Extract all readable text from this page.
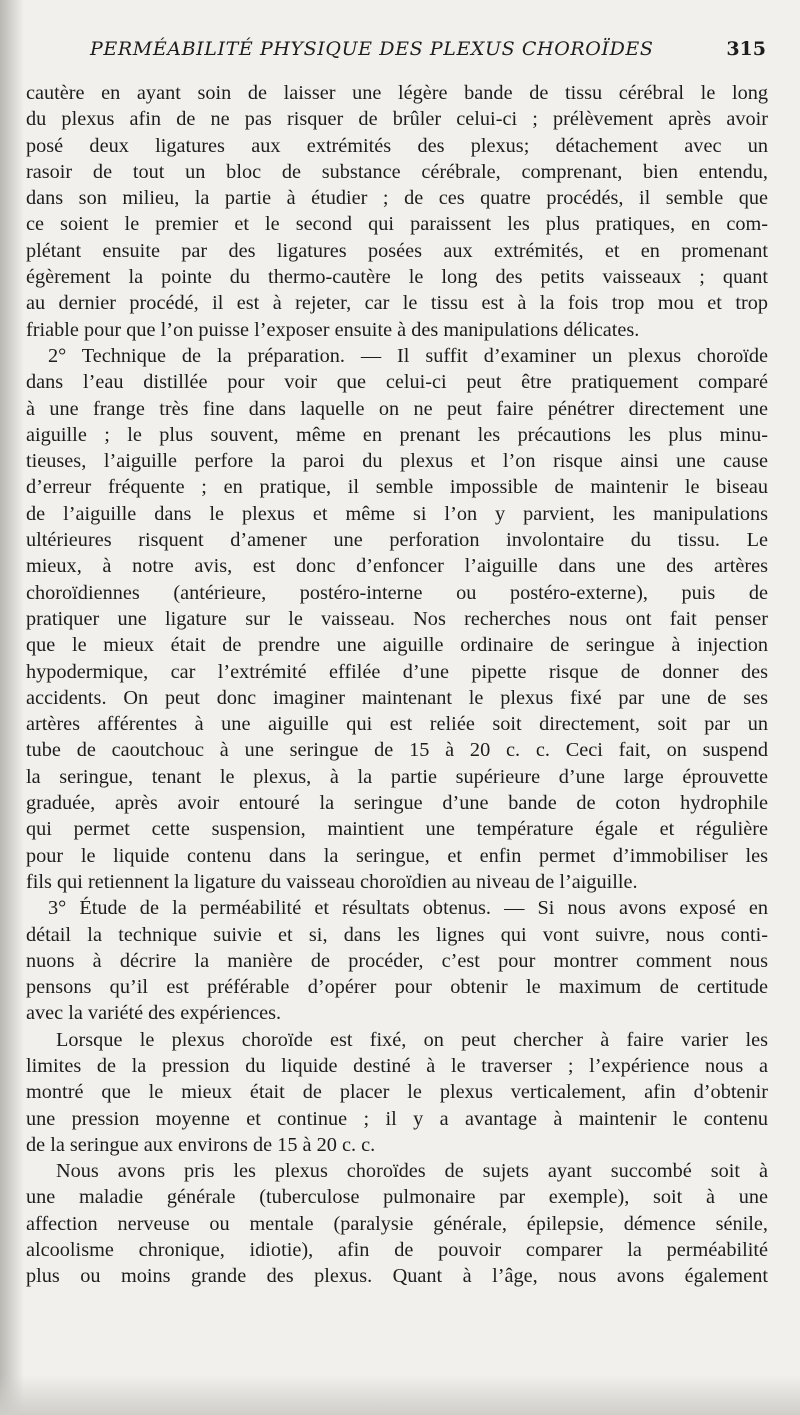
PERMÉABILITÉ PHYSIQUE DES PLEXUS CHOROÏDES	315
cautère en ayant soin de laisser une légère bande de tissu cérébral le long
du plexus afin de ne pas risquer de brûler celui-ci ; prélèvement après avoir
posé deux ligatures aux extrémités des plexus; détachement avec un
rasoir de tout un bloc de substance cérébrale, comprenant, bien entendu,
dans son milieu, la partie à étudier ; de ces quatre procédés, il semble que
ce soient le premier et le second qui paraissent les plus pratiques, en com-
plétant ensuite par des ligatures posées aux extrémités, et en promenant
égèrement la pointe du thermo-cautère le long des petits vaisseaux ; quant
au dernier procédé, il est à rejeter, car le tissu est à la fois trop mou et trop
friable pour que l’on puisse l’exposer ensuite à des manipulations délicates.
2° Technique de la préparation. — Il suffit d’examiner un plexus choroïde
dans l’eau distillée pour voir que celui-ci peut être pratiquement comparé
à une frange très fine dans laquelle on ne peut faire pénétrer directement une
aiguille ; le plus souvent, même en prenant les précautions les plus minu-
tieuses, l’aiguille perfore la paroi du plexus et l’on risque ainsi une cause
d’erreur fréquente ; en pratique, il semble impossible de maintenir le biseau
de l’aiguille dans le plexus et même si l’on y parvient, les manipulations
ultérieures risquent d’amener une perforation involontaire du tissu. Le
mieux, à notre avis, est donc d’enfoncer l’aiguille dans une des artères
choroïdiennes (antérieure, postéro-interne ou postéro-externe), puis de
pratiquer une ligature sur le vaisseau. Nos recherches nous ont fait penser
que le mieux était de prendre une aiguille ordinaire de seringue à injection
hypodermique, car l’extrémité effilée d’une pipette risque de donner des
accidents. On peut donc imaginer maintenant le plexus fixé par une de ses
artères afférentes à une aiguille qui est reliée soit directement, soit par un
tube de caoutchouc à une seringue de 15 à 20 c. c. Ceci fait, on suspend
la seringue, tenant le plexus, à la partie supérieure d’une large éprouvette
graduée, après avoir entouré la seringue d’une bande de coton hydrophile
qui permet cette suspension, maintient une température égale et régulière
pour le liquide contenu dans la seringue, et enfin permet d’immobiliser les
fils qui retiennent la ligature du vaisseau choroïdien au niveau de l’aiguille.
3° Étude de la perméabilité et résultats obtenus. — Si nous avons exposé en
détail la technique suivie et si, dans les lignes qui vont suivre, nous conti-
nuons à décrire la manière de procéder, c’est pour montrer comment nous
pensons qu’il est préférable d’opérer pour obtenir le maximum de certitude
avec la variété des expériences.
Lorsque le plexus choroïde est fixé, on peut chercher à faire varier les
limites de la pression du liquide destiné à le traverser ; l’expérience nous a
montré que le mieux était de placer le plexus verticalement, afin d’obtenir
une pression moyenne et continue ; il y a avantage à maintenir le contenu
de la seringue aux environs de 15 à 20 c. c.
Nous avons pris les plexus choroïdes de sujets ayant succombé soit à
une maladie générale (tuberculose pulmonaire par exemple), soit à une
affection nerveuse ou mentale (paralysie générale, épilepsie, démence sénile,
alcoolisme chronique, idiotie), afin de pouvoir comparer la perméabilité
plus ou moins grande des plexus. Quant à l’âge, nous avons également
